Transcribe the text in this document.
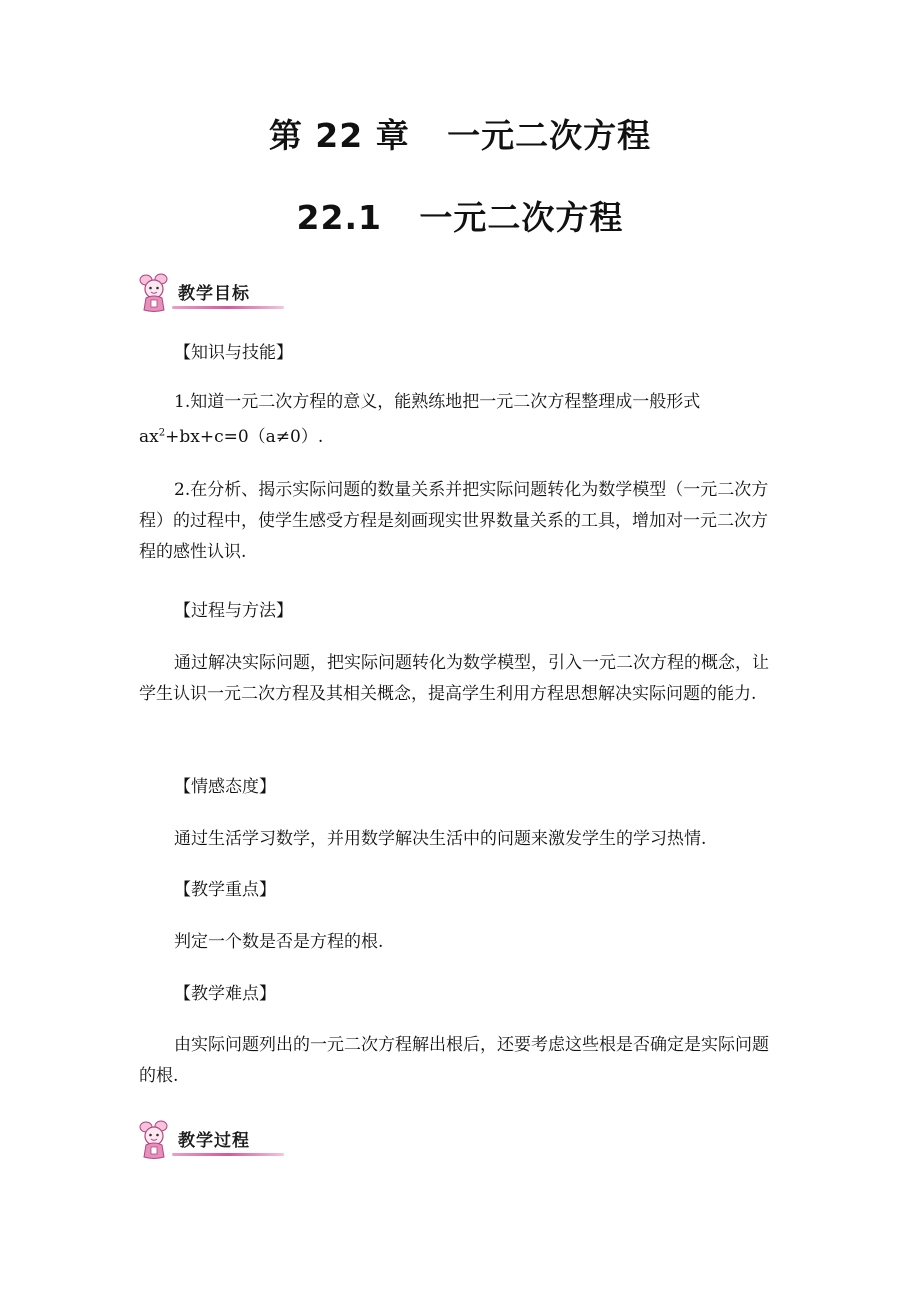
第 22 章   一元二次方程
22.1   一元二次方程
教学目标
【知识与技能】
1.知道一元二次方程的意义，能熟练地把一元二次方程整理成一般形式
$ax^2+bx+c=0(a\ne 0)$.
2.在分析、揭示实际问题的数量关系并把实际问题转化为数学模型（一元二次方程）的过程中，使学生感受方程是刻画现实世界数量关系的工具，增加对一元二次方程的感性认识.
【过程与方法】
通过解决实际问题，把实际问题转化为数学模型，引入一元二次方程的概念，让学生认识一元二次方程及其相关概念，提高学生利用方程思想解决实际问题的能力.
【情感态度】
通过生活学习数学，并用数学解决生活中的问题来激发学生的学习热情.
【教学重点】
判定一个数是否是方程的根.
【教学难点】
由实际问题列出的一元二次方程解出根后，还要考虑这些根是否确定是实际问题的根.
教学过程
